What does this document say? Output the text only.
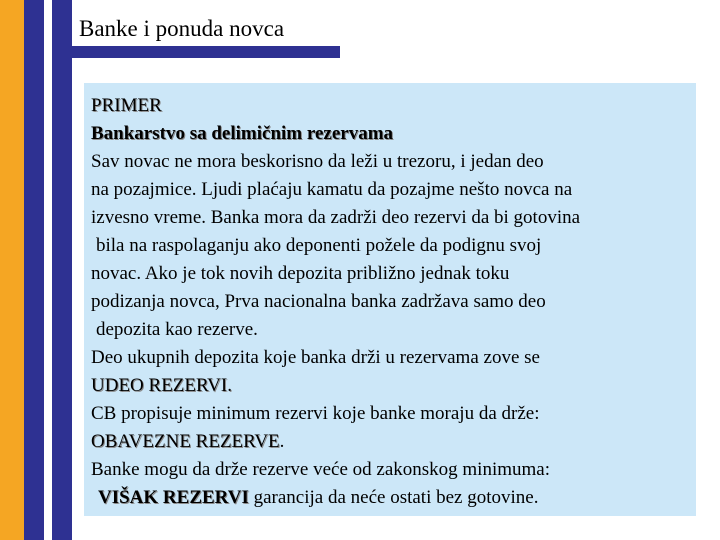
Banke i ponuda novca
PRIMER
Bankarstvo sa delimičnim rezervama
Sav novac ne mora beskorisno da leži u trezoru, i jedan deo
na pozajmice. Ljudi plaćaju kamatu da pozajme nešto novca na
izvesno vreme. Banka mora da zadrži deo rezervi da bi gotovina
bila na raspolaganju ako deponenti požele da podignu svoj
novac. Ako je tok novih depozita približno jednak toku
podizanja novca, Prva nacionalna banka zadržava samo deo
depozita kao rezerve.
Deo ukupnih depozita koje banka drži u rezervama zove se
UDEO REZERVI.
CB propisuje minimum rezervi koje banke moraju da drže:
OBAVEZNE REZERVE.
Banke mogu da drže rezerve veće od zakonskog minimuma:
VIŠAK REZERVI garancija da neće ostati bez gotovine.
